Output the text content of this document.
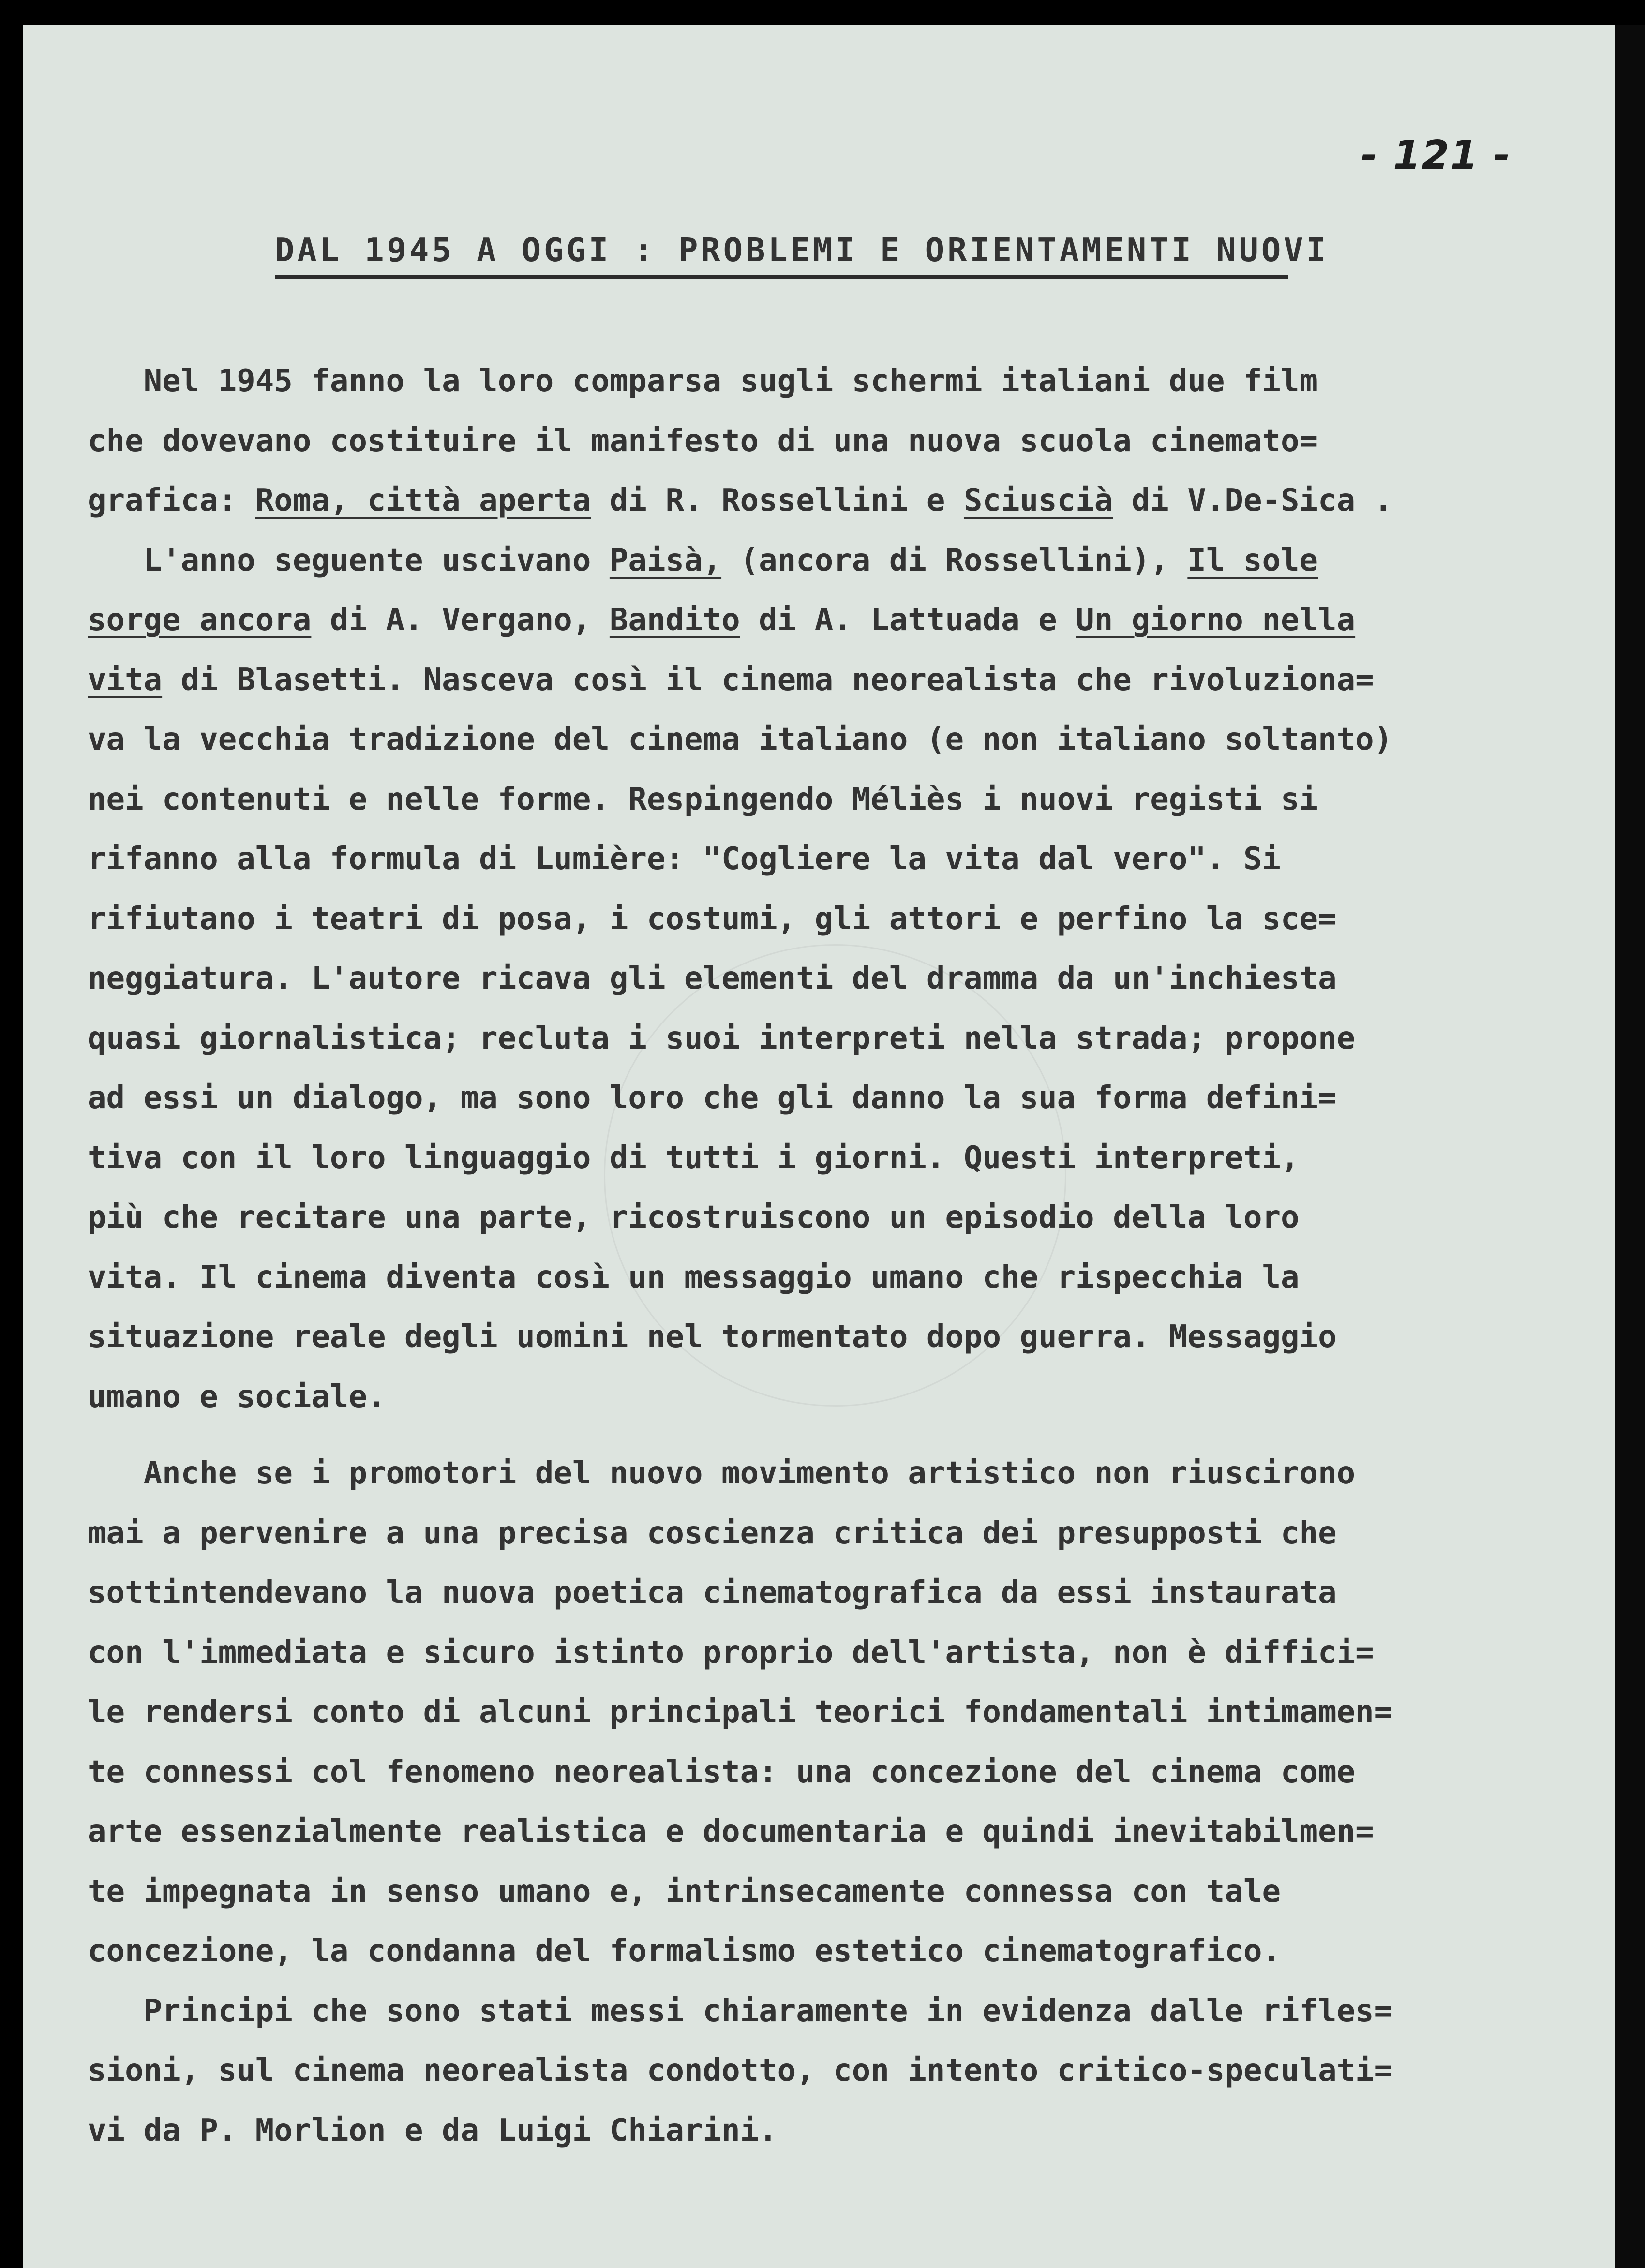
- 121 -
DAL 1945 A OGGI : PROBLEMI E ORIENTAMENTI NUOVI
Nel 1945 fanno la loro comparsa sugli schermi italiani due film
che dovevano costituire il manifesto di una nuova scuola cinemato=
grafica: Roma, città aperta di R. Rossellini e Sciuscià di V.De-Sica .
L'anno seguente uscivano Paisà, (ancora di Rossellini), Il sole
sorge ancora di A. Vergano, Bandito di A. Lattuada e Un giorno nella
vita di Blasetti. Nasceva così il cinema neorealista che rivoluziona=
va la vecchia tradizione del cinema italiano (e non italiano soltanto)
nei contenuti e nelle forme. Respingendo Méliès i nuovi registi si
rifanno alla formula di Lumière: "Cogliere la vita dal vero". Si
rifiutano i teatri di posa, i costumi, gli attori e perfino la sce=
neggiatura. L'autore ricava gli elementi del dramma da un'inchiesta
quasi giornalistica; recluta i suoi interpreti nella strada; propone
ad essi un dialogo, ma sono loro che gli danno la sua forma defini=
tiva con il loro linguaggio di tutti i giorni. Questi interpreti,
più che recitare una parte, ricostruiscono un episodio della loro
vita. Il cinema diventa così un messaggio umano che rispecchia la
situazione reale degli uomini nel tormentato dopo guerra. Messaggio
umano e sociale.
Anche se i promotori del nuovo movimento artistico non riuscirono
mai a pervenire a una precisa coscienza critica dei presupposti che
sottintendevano la nuova poetica cinematografica da essi instaurata
con l'immediata e sicuro istinto proprio dell'artista, non è diffici=
le rendersi conto di alcuni principali teorici fondamentali intimamen=
te connessi col fenomeno neorealista: una concezione del cinema come
arte essenzialmente realistica e documentaria e quindi inevitabilmen=
te impegnata in senso umano e, intrinsecamente connessa con tale
concezione, la condanna del formalismo estetico cinematografico.
Principi che sono stati messi chiaramente in evidenza dalle rifles=
sioni, sul cinema neorealista condotto, con intento critico-speculati=
vi da P. Morlion e da Luigi Chiarini.
